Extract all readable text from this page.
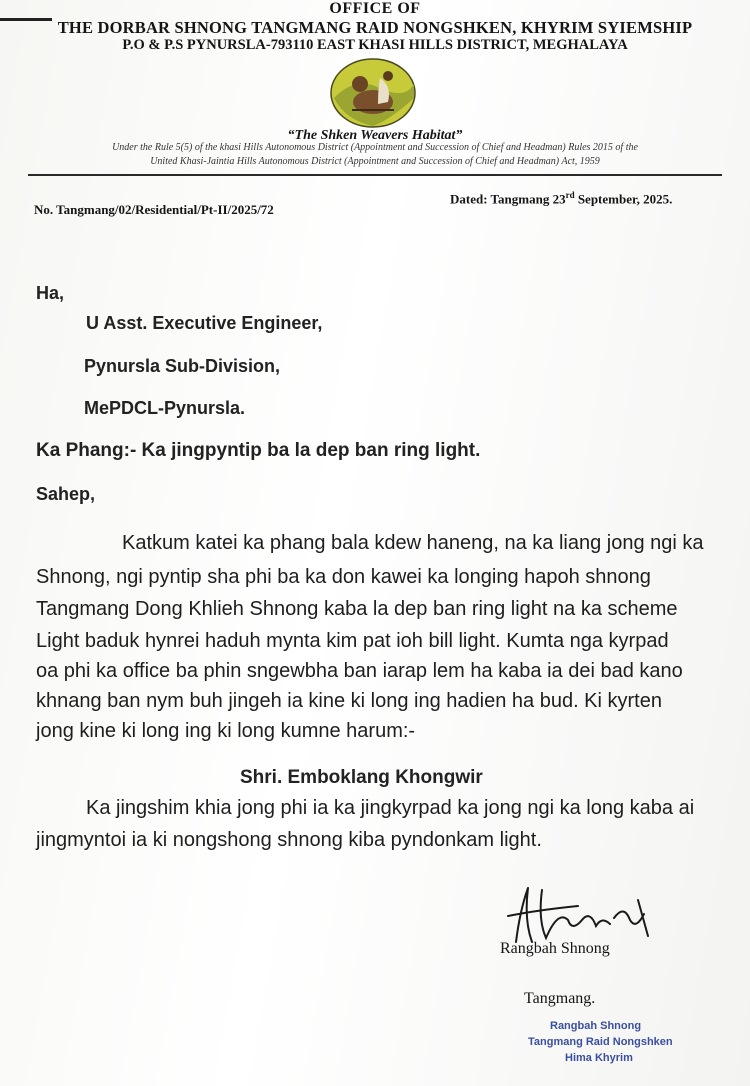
OFFICE OF
THE DORBAR SHNONG TANGMANG RAID NONGSHKEN, KHYRIM SYIEMSHIP
P.O & P.S PYNURSLA-793110 EAST KHASI HILLS DISTRICT, MEGHALAYA
“The Shken Weavers Habitat”
Under the Rule 5(5) of the khasi Hills Autonomous District (Appointment and Succession of Chief and Headman) Rules 2015 of the
United Khasi-Jaintia Hills Autonomous District (Appointment and Succession of Chief and Headman) Act, 1959
No. Tangmang/02/Residential/Pt-II/2025/72
Dated: Tangmang 23rd September, 2025.
Ha,
U Asst. Executive Engineer,
Pynursla Sub-Division,
MePDCL-Pynursla.
Ka Phang:- Ka jingpyntip ba la dep ban ring light.
Sahep,
Katkum katei ka phang bala kdew haneng, na ka liang jong ngi ka
Shnong, ngi pyntip sha phi ba ka don kawei ka longing hapoh shnong
Tangmang Dong Khlieh Shnong kaba la dep ban ring light na ka scheme
Light baduk hynrei haduh mynta kim pat ioh bill light. Kumta nga kyrpad
oa phi ka office ba phin sngewbha ban iarap lem ha kaba ia dei bad kano
khnang ban nym buh jingeh ia kine ki long ing hadien ha bud. Ki kyrten
jong kine ki long ing ki long kumne harum:-
Shri. Emboklang Khongwir
Ka jingshim khia jong phi ia ka jingkyrpad ka jong ngi ka long kaba ai
jingmyntoi ia ki nongshong shnong kiba pyndonkam light.
Rangbah Shnong
Tangmang.
Rangbah Shnong
Tangmang Raid Nongshken
Hima Khyrim
